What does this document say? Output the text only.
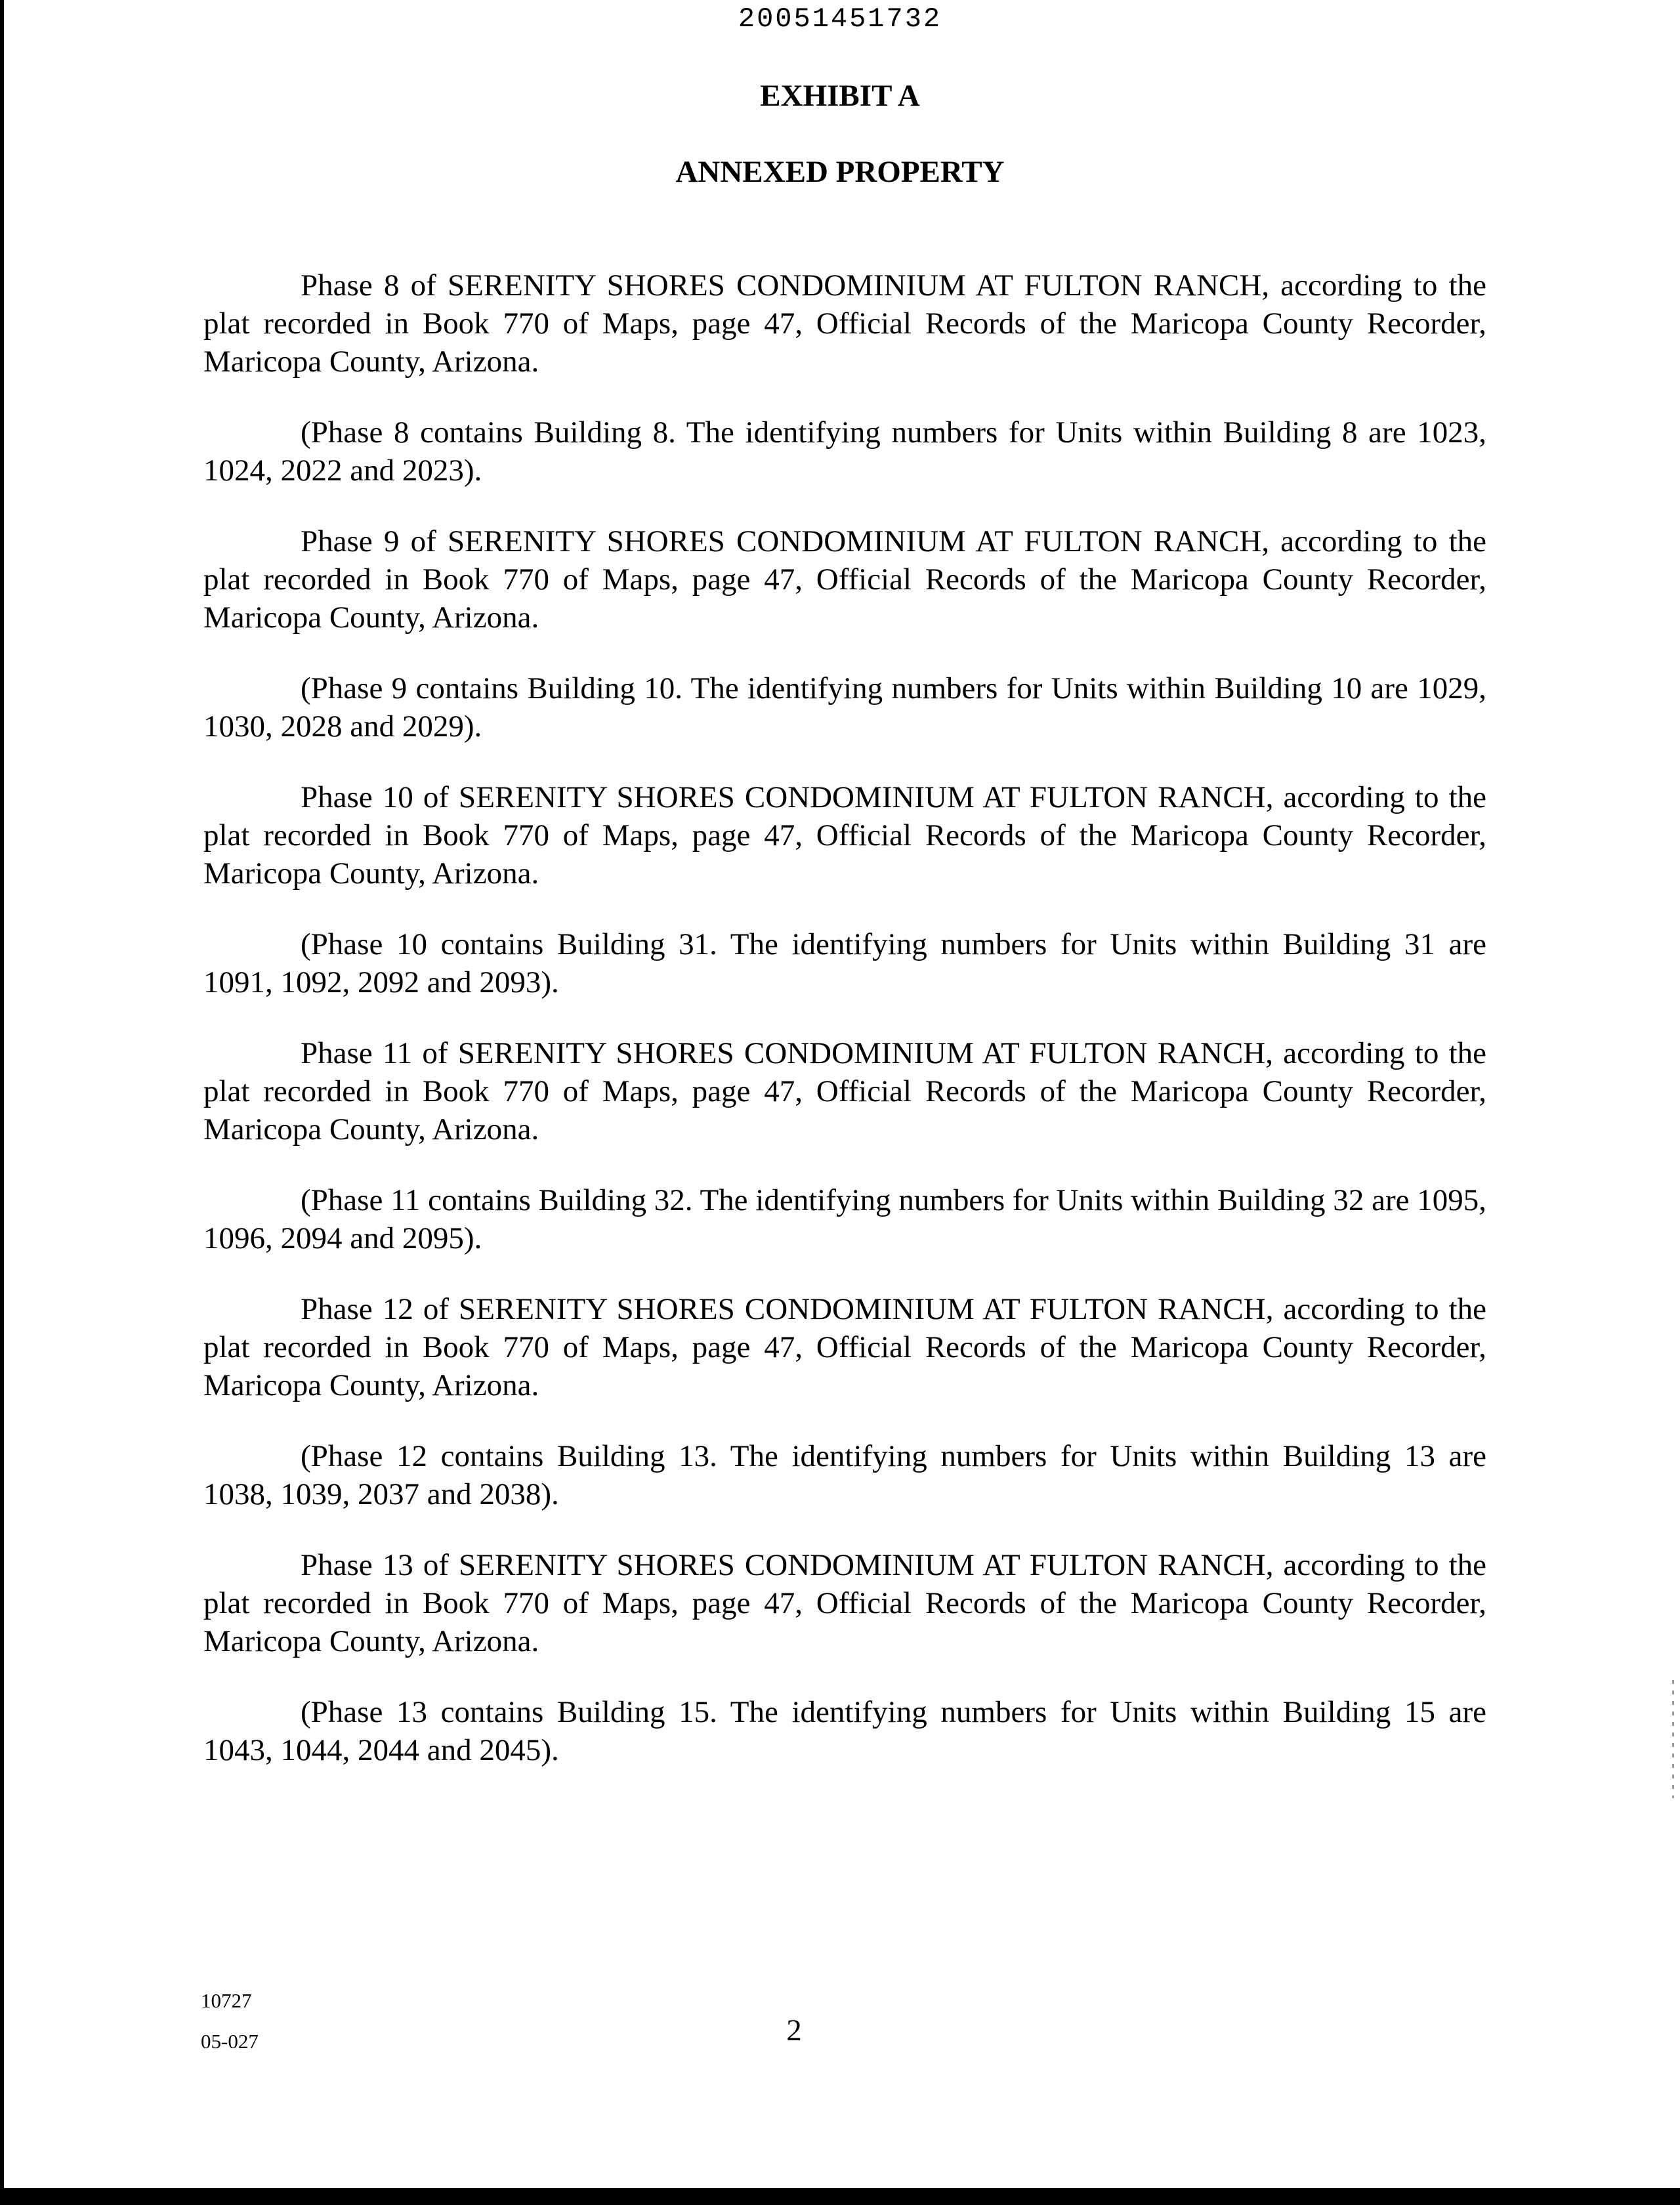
20051451732
EXHIBIT A
ANNEXED PROPERTY

Phase 8 of SERENITY SHORES CONDOMINIUM AT FULTON RANCH, according to the plat recorded in Book 770 of Maps, page 47, Official Records of the Maricopa County Recorder, Maricopa County, Arizona.

(Phase 8 contains Building 8. The identifying numbers for Units within Building 8 are 1023, 1024, 2022 and 2023).

Phase 9 of SERENITY SHORES CONDOMINIUM AT FULTON RANCH, according to the plat recorded in Book 770 of Maps, page 47, Official Records of the Maricopa County Recorder, Maricopa County, Arizona.

(Phase 9 contains Building 10. The identifying numbers for Units within Building 10 are 1029, 1030, 2028 and 2029).

Phase 10 of SERENITY SHORES CONDOMINIUM AT FULTON RANCH, according to the plat recorded in Book 770 of Maps, page 47, Official Records of the Maricopa County Recorder, Maricopa County, Arizona.

(Phase 10 contains Building 31. The identifying numbers for Units within Building 31 are 1091, 1092, 2092 and 2093).

Phase 11 of SERENITY SHORES CONDOMINIUM AT FULTON RANCH, according to the plat recorded in Book 770 of Maps, page 47, Official Records of the Maricopa County Recorder, Maricopa County, Arizona.

(Phase 11 contains Building 32. The identifying numbers for Units within Building 32 are 1095, 1096, 2094 and 2095).

Phase 12 of SERENITY SHORES CONDOMINIUM AT FULTON RANCH, according to the plat recorded in Book 770 of Maps, page 47, Official Records of the Maricopa County Recorder, Maricopa County, Arizona.

(Phase 12 contains Building 13. The identifying numbers for Units within Building 13 are 1038, 1039, 2037 and 2038).

Phase 13 of SERENITY SHORES CONDOMINIUM AT FULTON RANCH, according to the plat recorded in Book 770 of Maps, page 47, Official Records of the Maricopa County Recorder, Maricopa County, Arizona.

(Phase 13 contains Building 15. The identifying numbers for Units within Building 15 are 1043, 1044, 2044 and 2045).

10727
05-027	2
